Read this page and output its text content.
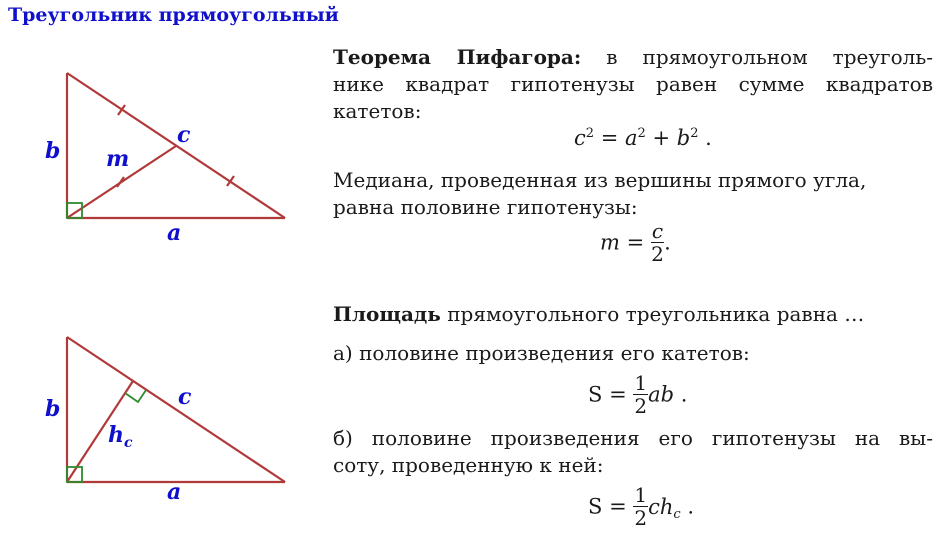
Треугольник прямоугольный
b m
c
a
b
$h_c$
c
a
Теорема Пифагора: в прямоугольном треуголь-
нике квадрат гипотенузы равен сумме квадратов
катетов:
$c^2 = a^2 + b^2$ .
Медиана, проведенная из вершины прямого угла,
равна половине гипотенузы:
$m = \frac{c}{2}$ .
Площадь прямоугольного треугольника равна …
а) половине произведения его катетов:
$S = \frac{1}{2}$ ab .
б) половине произведения его гипотенузы на вы-
соту, проведенную к ней:
$S = \frac{1}{2} ch_c$ .
